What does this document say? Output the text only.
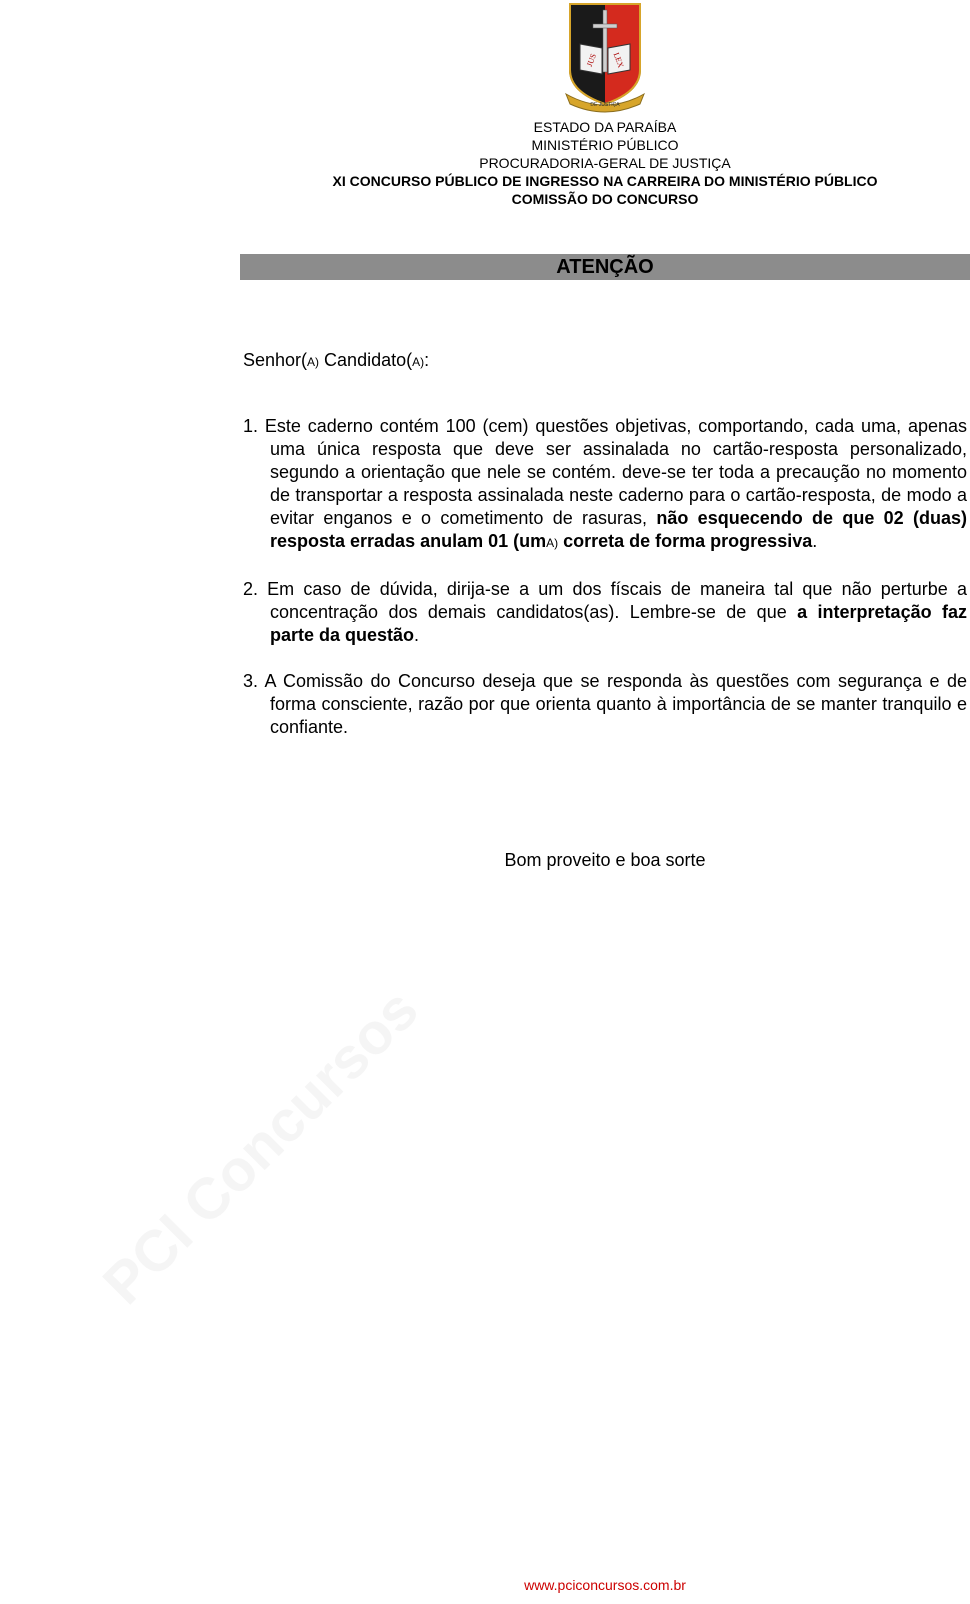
JUS LEX
DE JUSTIÇA
ESTADO DA PARAÍBA
MINISTÉRIO PÚBLICO
PROCURADORIA-GERAL DE JUSTIÇA
XI CONCURSO PÚBLICO DE INGRESSO NA CARREIRA DO MINISTÉRIO PÚBLICO
COMISSÃO DO CONCURSO
ATENÇÃO
Senhor(A) Candidato(A):
1. Este caderno contém 100 (cem) questões objetivas, comportando, cada uma, apenas uma única resposta que deve ser assinalada no cartão-resposta personalizado, segundo a orientação que nele se contém. deve-se ter toda a precaução no momento de transportar a resposta assinalada neste caderno para o cartão-resposta, de modo a evitar enganos e o cometimento de rasuras, não esquecendo de que 02 (duas) resposta erradas anulam 01 (umA) correta de forma progressiva.
2. Em caso de dúvida, dirija-se a um dos físcais de maneira tal que não perturbe a concentração dos demais candidatos(as). Lembre-se de que a interpretação faz parte da questão.
3. A Comissão do Concurso deseja que se responda às questões com segurança e de forma consciente, razão por que orienta quanto à importância de se manter tranquilo e confiante.
Bom proveito e boa sorte
PCI Concursos
www.pciconcursos.com.br
